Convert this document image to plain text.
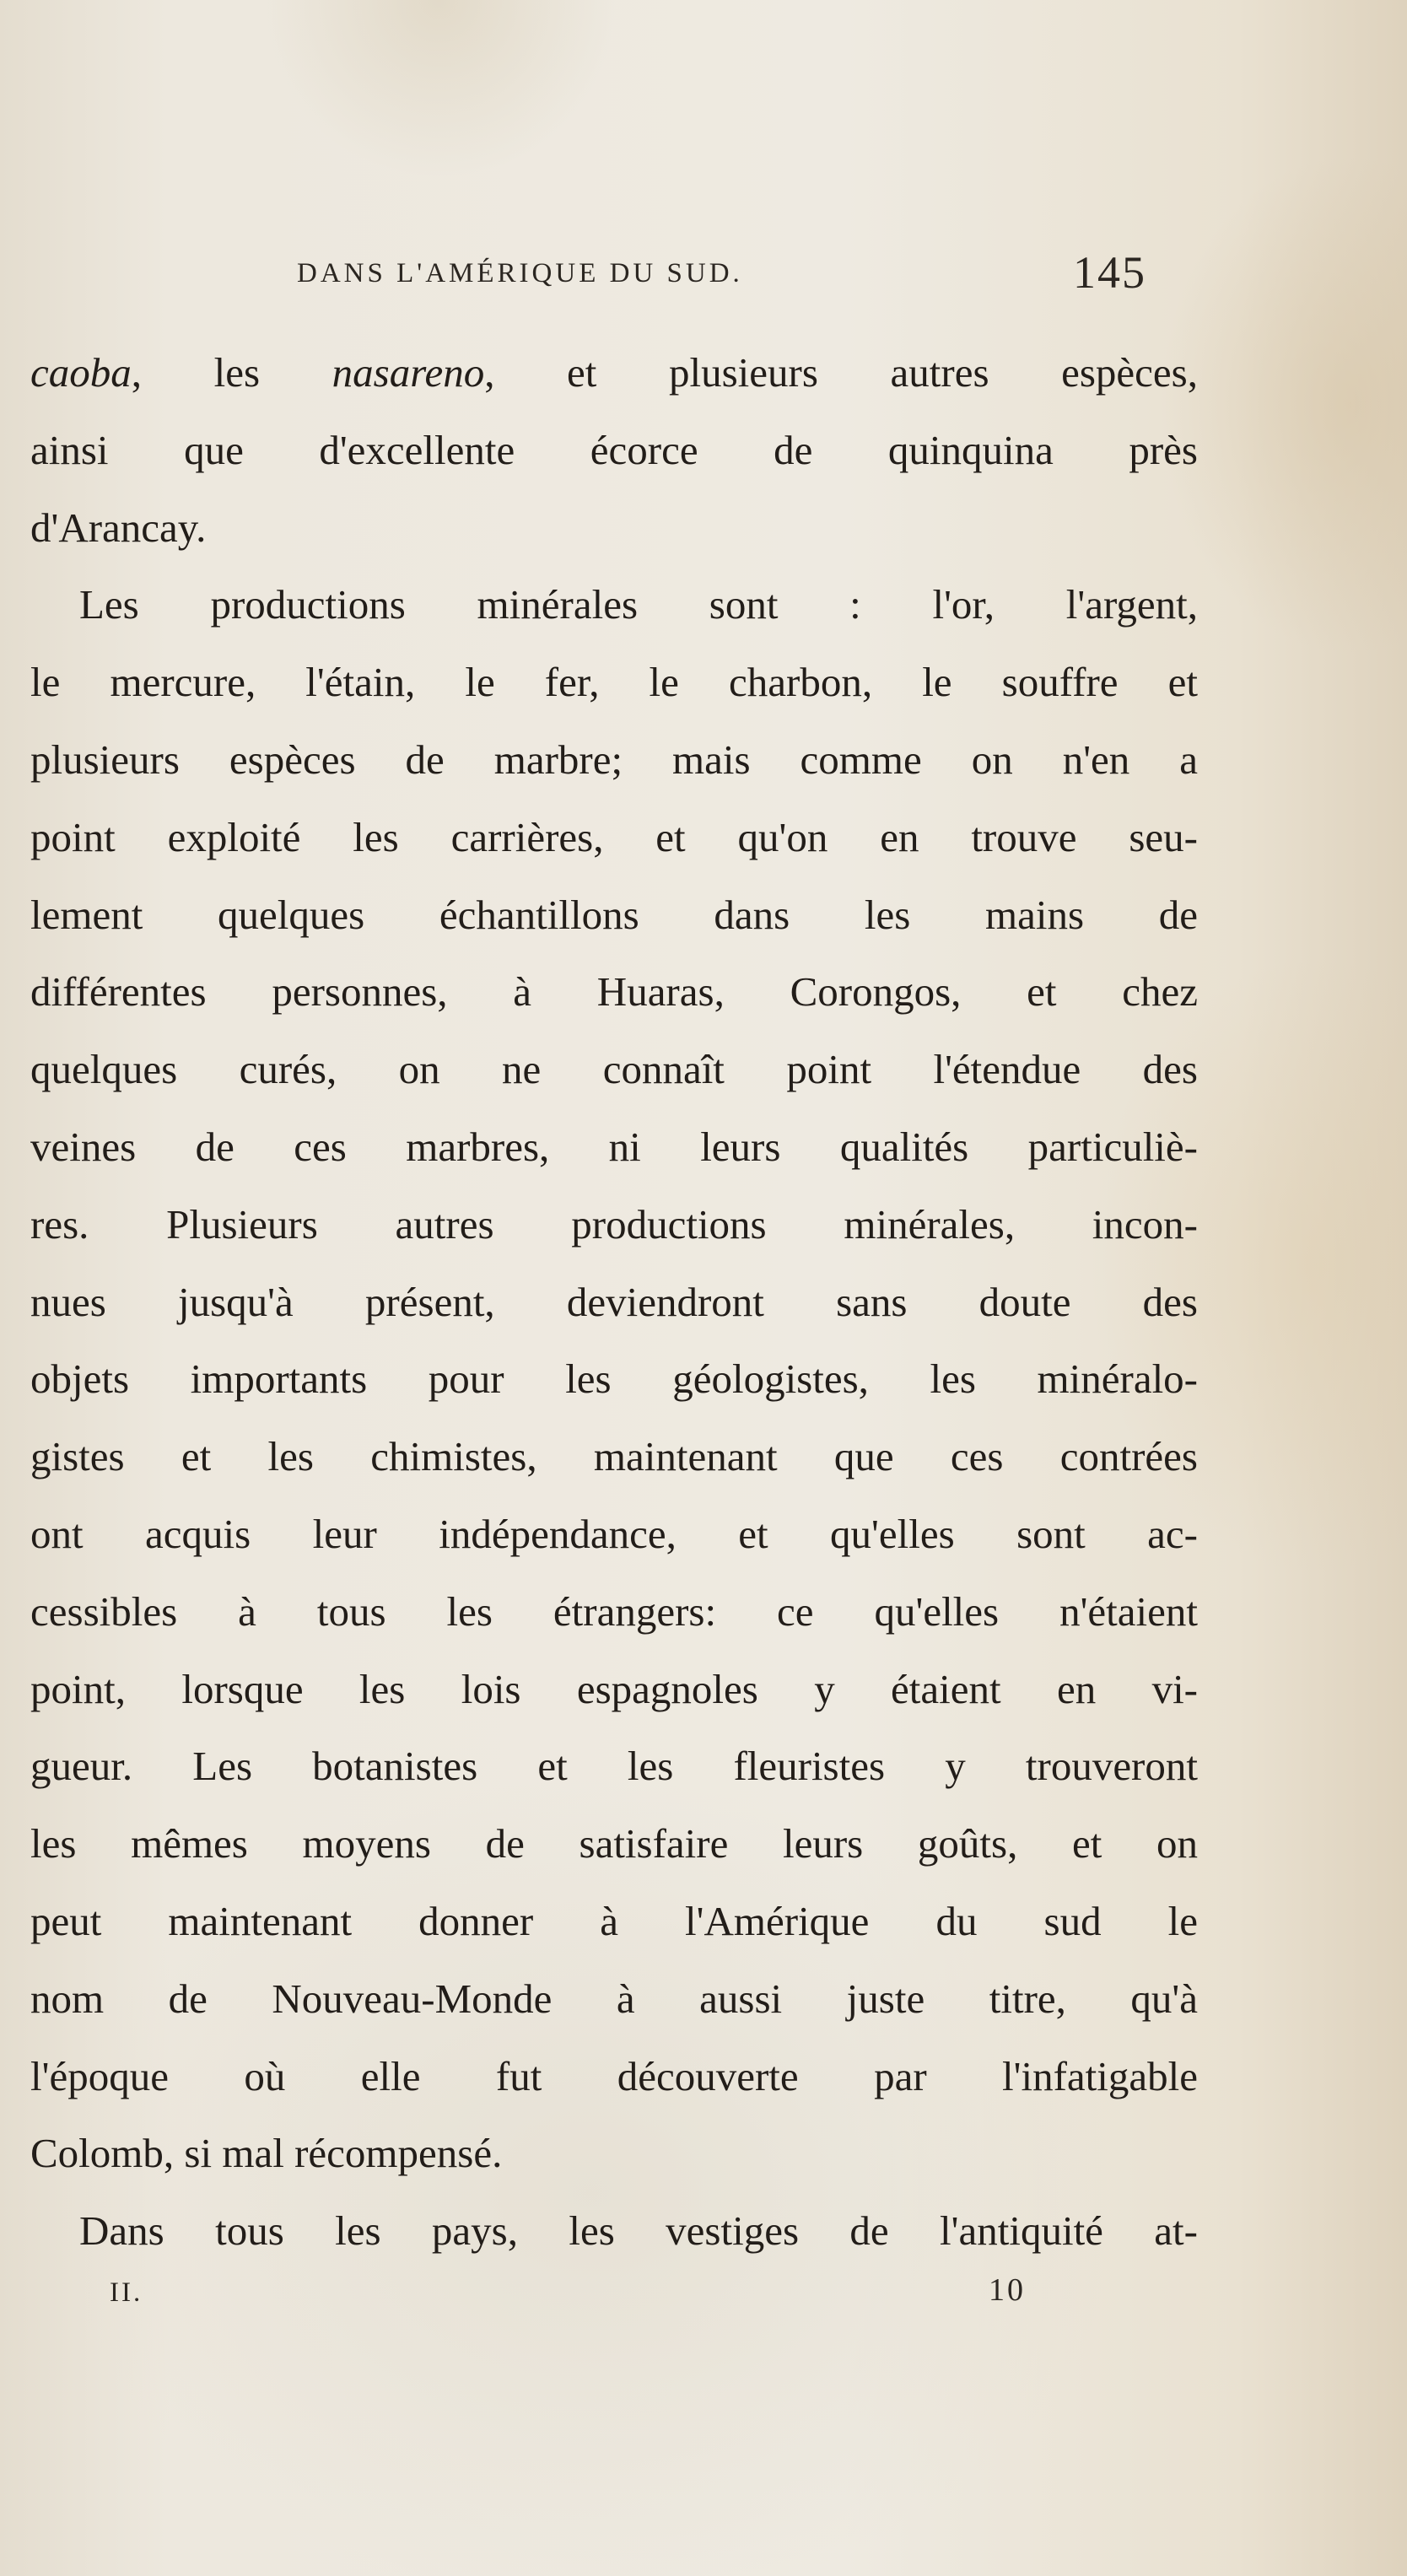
DANS L'AMÉRIQUE DU SUD.	145
caoba, les nasareno, et plusieurs autres espèces,
ainsi que d'excellente écorce de quinquina près
d'Arancay.
Les productions minérales sont : l'or, l'argent,
le mercure, l'étain, le fer, le charbon, le souffre et
plusieurs espèces de marbre; mais comme on n'en a
point exploité les carrières, et qu'on en trouve seu-
lement quelques échantillons dans les mains de
différentes personnes, à Huaras, Corongos, et chez
quelques curés, on ne connaît point l'étendue des
veines de ces marbres, ni leurs qualités particuliè-
res. Plusieurs autres productions minérales, incon-
nues jusqu'à présent, deviendront sans doute des
objets importants pour les géologistes, les minéralo-
gistes et les chimistes, maintenant que ces contrées
ont acquis leur indépendance, et qu'elles sont ac-
cessibles à tous les étrangers: ce qu'elles n'étaient
point, lorsque les lois espagnoles y étaient en vi-
gueur. Les botanistes et les fleuristes y trouveront
les mêmes moyens de satisfaire leurs goûts, et on
peut maintenant donner à l'Amérique du sud le
nom de Nouveau-Monde à aussi juste titre, qu'à
l'époque où elle fut découverte par l'infatigable
Colomb, si mal récompensé.
Dans tous les pays, les vestiges de l'antiquité at-
II.	10
